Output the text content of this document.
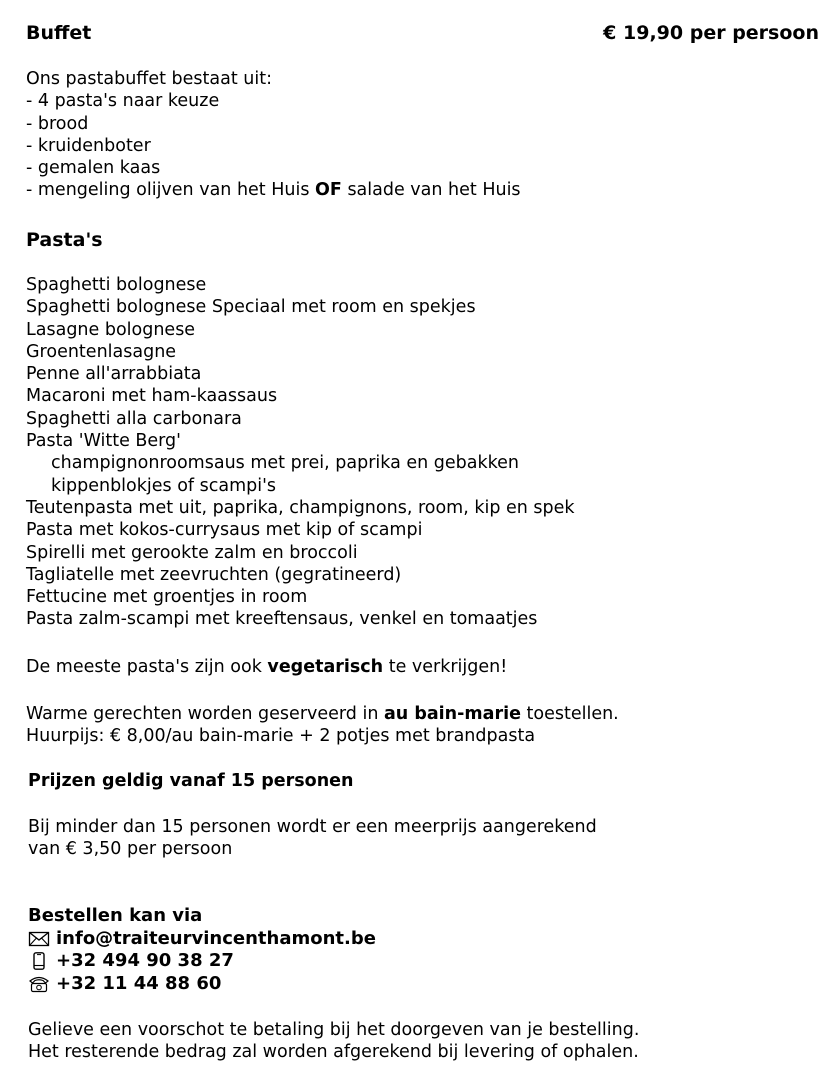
Buffet	€ 19,90 per persoon
Ons pastabuffet bestaat uit:
- 4 pasta's naar keuze
- brood
- kruidenboter
- gemalen kaas
- mengeling olijven van het Huis OF salade van het Huis
Pasta's
Spaghetti bolognese
Spaghetti bolognese Speciaal met room en spekjes
Lasagne bolognese
Groentenlasagne
Penne all'arrabbiata
Macaroni met ham-kaassaus
Spaghetti alla carbonara
Pasta 'Witte Berg'
champignonroomsaus met prei, paprika en gebakken
kippenblokjes of scampi's
Teutenpasta met uit, paprika, champignons, room, kip en spek
Pasta met kokos-currysaus met kip of scampi
Spirelli met gerookte zalm en broccoli
Tagliatelle met zeevruchten (gegratineerd)
Fettucine met groentjes in room
Pasta zalm-scampi met kreeftensaus, venkel en tomaatjes
De meeste pasta's zijn ook vegetarisch te verkrijgen!
Warme gerechten worden geserveerd in au bain-marie toestellen.
Huurpijs: € 8,00/au bain-marie + 2 potjes met brandpasta
Prijzen geldig vanaf 15 personen
Bij minder dan 15 personen wordt er een meerprijs aangerekend
van € 3,50 per persoon
Bestellen kan via
info@traiteurvincenthamont.be
+32 494 90 38 27
+32 11 44 88 60
Gelieve een voorschot te betaling bij het doorgeven van je bestelling.
Het resterende bedrag zal worden afgerekend bij levering of ophalen.
